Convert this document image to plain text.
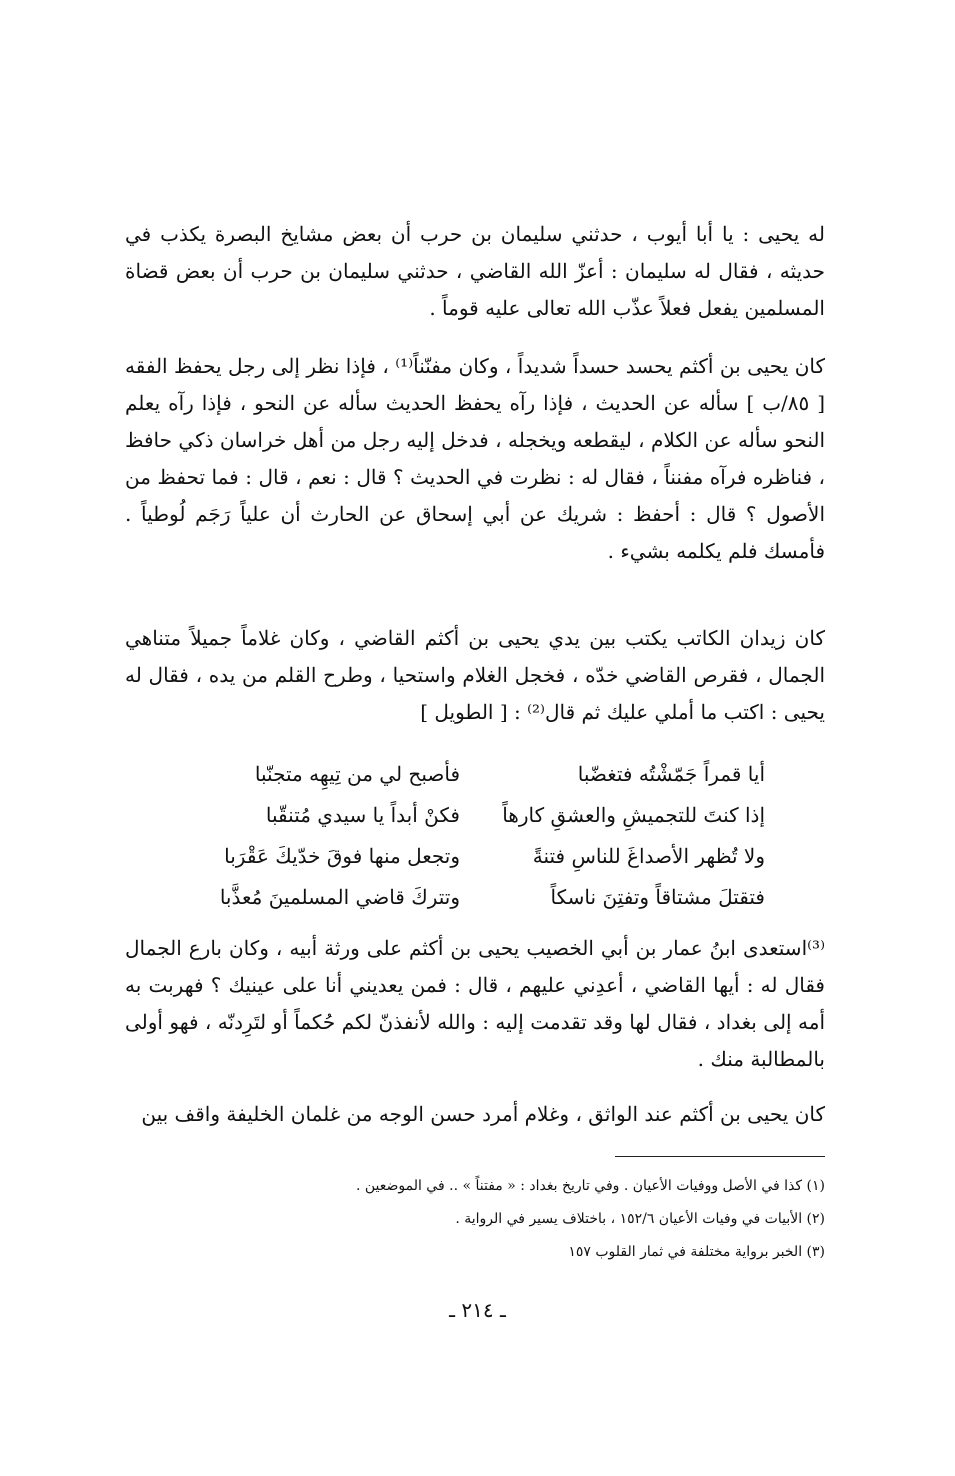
له يحيى : يا أبا أيوب ، حدثني سليمان بن حرب أن بعض مشايخ البصرة يكذب في حديثه ، فقال له سليمان : أعزّ الله القاضي ، حدثني سليمان بن حرب أن بعض قضاة المسلمين يفعل فعلاً عذّب الله تعالى عليه قوماً .

كان يحيى بن أكثم يحسد حسداً شديداً ، وكان مفنّناً⁽¹⁾ ، فإذا نظر إلى رجل يحفظ الفقه [ ٨٥/ب ] سأله عن الحديث ، فإذا رآه يحفظ الحديث سأله عن النحو ، فإذا رآه يعلم النحو سأله عن الكلام ، ليقطعه ويخجله ، فدخل إليه رجل من أهل خراسان ذكي حافظ ، فناظره فرآه مفنناً ، فقال له : نظرت في الحديث ؟ قال : نعم ، قال : فما تحفظ من الأصول ؟ قال : أحفظ : شريك عن أبي إسحاق عن الحارث أن علياً رَجَم لُوطياً . فأمسك فلم يكلمه بشيء .

كان زيدان الكاتب يكتب بين يدي يحيى بن أكثم القاضي ، وكان غلاماً جميلاً متناهي الجمال ، فقرص القاضي خدّه ، فخجل الغلام واستحيا ، وطرح القلم من يده ، فقال له يحيى : اكتب ما أملي عليك ثم قال⁽²⁾ : [ الطويل ]

أيا قمراً جَمّشْتُه فتغضّبا
فأصبح لي من تِيهِه متجنّبا
إذا كنتَ للتجميشِ والعشقِ كارهاً
فكنْ أبداً يا سيدي مُتنقّبا
ولا تُظهر الأصداغَ للناسِ فتنةً
وتجعل منها فوقَ خدّيكَ عَقْرَبا
فتقتلَ مشتاقاً وتفتِنَ ناسكاً
وتتركَ قاضي المسلمينَ مُعذَّبا

⁽³⁾استعدى ابنُ عمار بن أبي الخصيب يحيى بن أكثم على ورثة أبيه ، وكان بارع الجمال فقال له : أيها القاضي ، أعدِني عليهم ، قال : فمن يعديني أنا على عينيك ؟ فهربت به أمه إلى بغداد ، فقال لها وقد تقدمت إليه : والله لأنفذنّ لكم حُكماً أو لتَرِدنّه ، فهو أولى بالمطالبة منك .

كان يحيى بن أكثم عند الواثق ، وغلام أمرد حسن الوجه من غلمان الخليفة واقف بين

(١) كذا في الأصل ووفيات الأعيان . وفي تاريخ بغداد : « مفتناً » .. في الموضعين .

(٢) الأبيات في وفيات الأعيان ١٥٢/٦ ، باختلاف يسير في الرواية .

(٣) الخبر برواية مختلفة في ثمار القلوب ١٥٧

ـ ٢١٤ ـ
